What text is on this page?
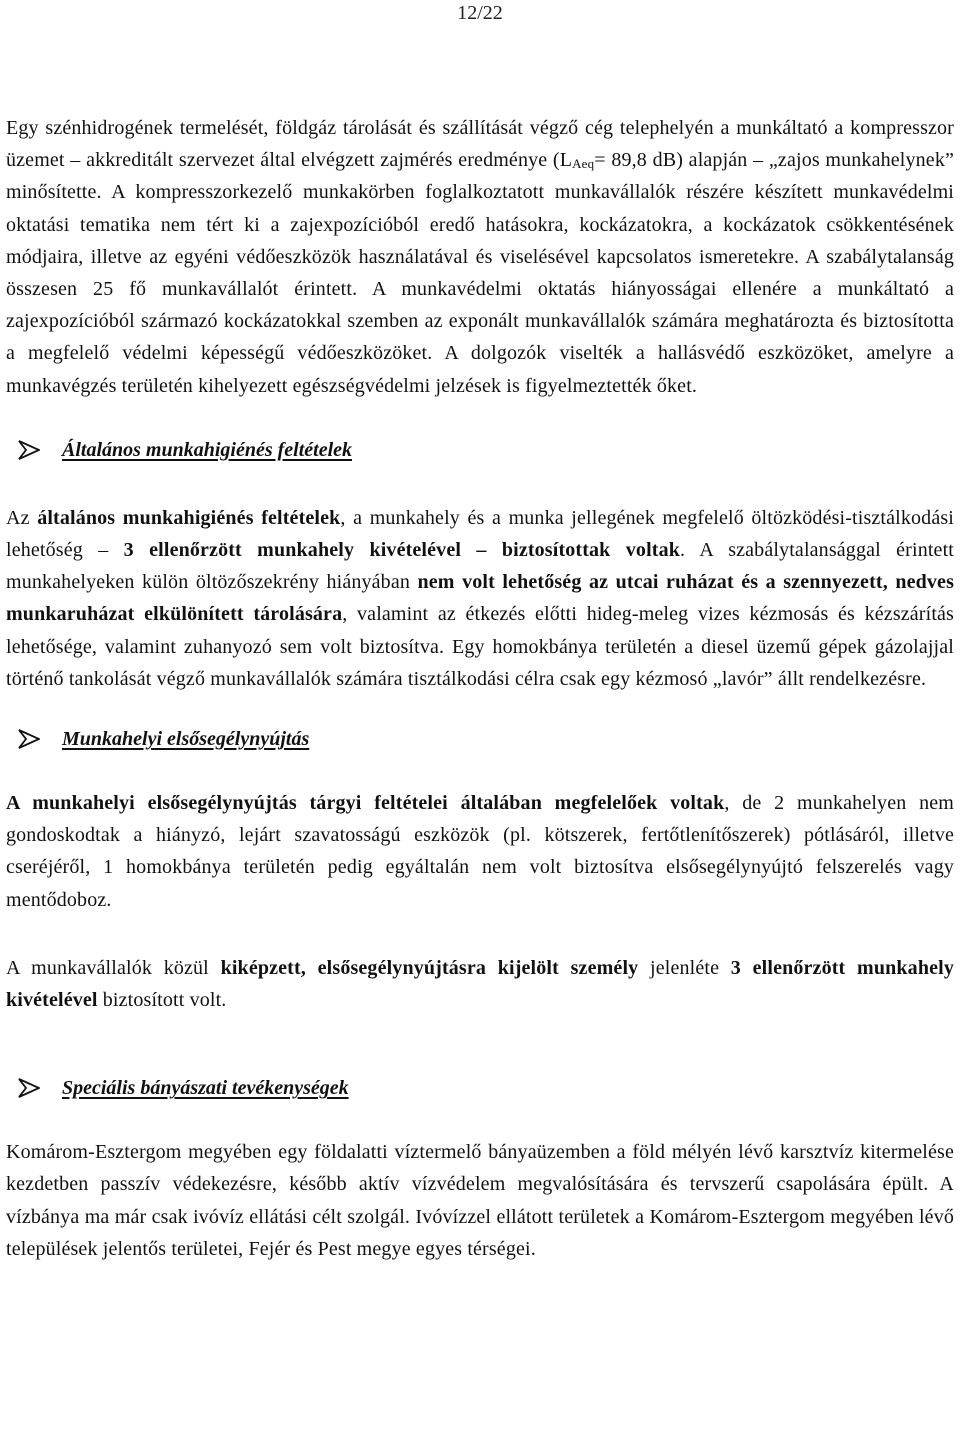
12/22

Egy szénhidrogének termelését, földgáz tárolását és szállítását végző cég telephelyén a munkáltató a kompresszor üzemet – akkreditált szervezet által elvégzett zajmérés eredménye ($L_{Aeq}= 89,8$ dB) alapján – „zajos munkahelynek” minősítette. A kompresszorkezelő munkakörben foglalkoztatott munkavállalók részére készített munkavédelmi oktatási tematika nem tért ki a zajexpozícióból eredő hatásokra, kockázatokra, a kockázatok csökkentésének módjaira, illetve az egyéni védőeszközök használatával és viselésével kapcsolatos ismeretekre. A szabálytalanság összesen 25 fő munkavállalót érintett. A munkavédelmi oktatás hiányosságai ellenére a munkáltató a zajexpozícióból származó kockázatokkal szemben az exponált munkavállalók számára meghatározta és biztosította a megfelelő védelmi képességű védőeszközöket. A dolgozók viselték a hallásvédő eszközöket, amelyre a munkavégzés területén kihelyezett egészségvédelmi jelzések is figyelmeztették őket.

Általános munkahigiénés feltételek

Az általános munkahigiénés feltételek, a munkahely és a munka jellegének megfelelő öltözködési-tisztálkodási lehetőség – 3 ellenőrzött munkahely kivételével – biztosítottak voltak. A szabálytalansággal érintett munkahelyeken külön öltözőszekrény hiányában nem volt lehetőség az utcai ruházat és a szennyezett, nedves munkaruházat elkülönített tárolására, valamint az étkezés előtti hideg-meleg vizes kézmosás és kézszárítás lehetősége, valamint zuhanyozó sem volt biztosítva. Egy homokbánya területén a diesel üzemű gépek gázolajjal történő tankolását végző munkavállalók számára tisztálkodási célra csak egy kézmosó „lavór” állt rendelkezésre.

Munkahelyi elsősegélynyújtás

A munkahelyi elsősegélynyújtás tárgyi feltételei általában megfelelőek voltak, de 2 munkahelyen nem gondoskodtak a hiányzó, lejárt szavatosságú eszközök (pl. kötszerek, fertőtlenítőszerek) pótlásáról, illetve cseréjéről, 1 homokbánya területén pedig egyáltalán nem volt biztosítva elsősegélynyújtó felszerelés vagy mentődoboz.

A munkavállalók közül kiképzett, elsősegélynyújtásra kijelölt személy jelenléte 3 ellenőrzött munkahely kivételével biztosított volt.

Speciális bányászati tevékenységek

Komárom-Esztergom megyében egy földalatti víztermelő bányaüzemben a föld mélyén lévő karsztvíz kitermelése kezdetben passzív védekezésre, később aktív vízvédelem megvalósítására és tervszerű csapolására épült. A vízbánya ma már csak ivóvíz ellátási célt szolgál. Ivóvízzel ellátott területek a Komárom-Esztergom megyében lévő települések jelentős területei, Fejér és Pest megye egyes térségei.
